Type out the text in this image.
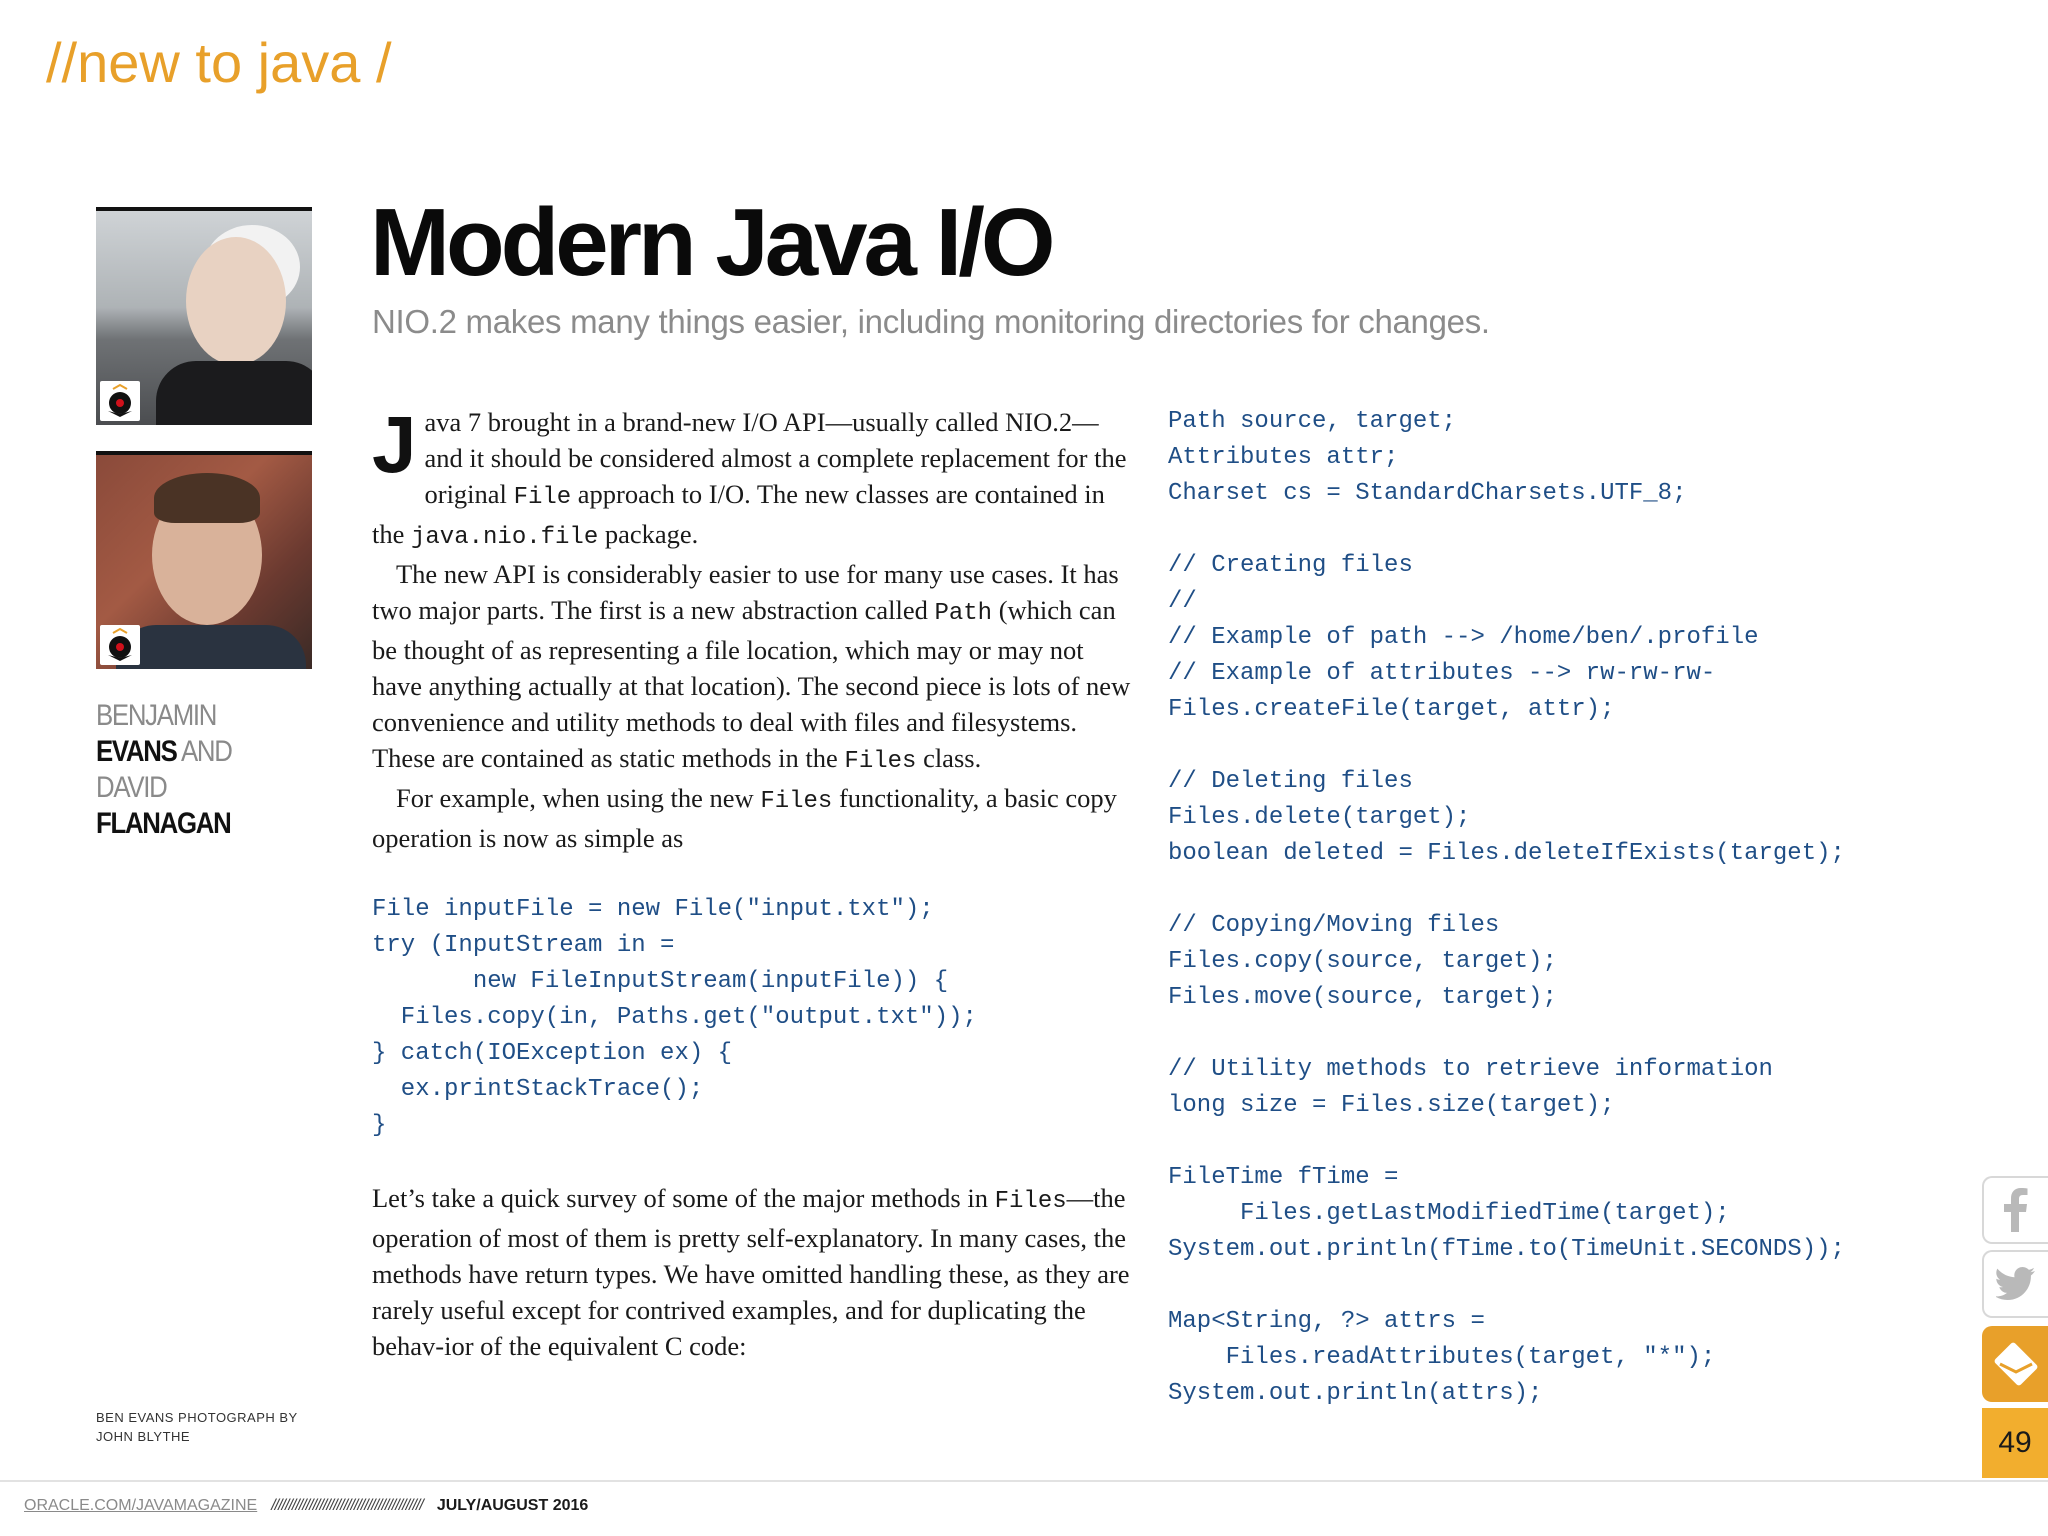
//new to java /
BENJAMIN EVANS AND
DAVID FLANAGAN
BEN EVANS PHOTOGRAPH BY JOHN BLYTHE
Modern Java I/O
NIO.2 makes many things easier, including monitoring directories for changes.

Java 7 brought in a brand-new I/O API—usually called NIO.2—and it should be considered almost a complete replacement for the original File approach to I/O. The new classes are contained in the java.nio.file package.

The new API is considerably easier to use for many use cases. It has two major parts. The first is a new abstraction called Path (which can be thought of as representing a file location, which may or may not have anything actually at that location). The second piece is lots of new convenience and utility methods to deal with files and filesystems. These are contained as static methods in the Files class.

For example, when using the new Files functionality, a basic copy operation is now as simple as

File inputFile = new File("input.txt");
try (InputStream in =
new FileInputStream(inputFile)) {
Files.copy(in, Paths.get("output.txt"));
} catch(IOException ex) {
ex.printStackTrace();
}

Let’s take a quick survey of some of the major methods in Files—the operation of most of them is pretty self-explanatory. In many cases, the methods have return types. We have omitted handling these, as they are rarely useful except for contrived examples, and for duplicating the behav-ior of the equivalent C code:

Path source, target;
Attributes attr;
Charset cs = StandardCharsets.UTF_8;

// Creating files
//
// Example of path --> /home/ben/.profile
// Example of attributes --> rw-rw-rw-
Files.createFile(target, attr);

// Deleting files
Files.delete(target);
boolean deleted = Files.deleteIfExists(target);

// Copying/Moving files
Files.copy(source, target);
Files.move(source, target);

// Utility methods to retrieve information
long size = Files.size(target);

FileTime fTime =
Files.getLastModifiedTime(target);
System.out.println(fTime.to(TimeUnit.SECONDS));

Map<String, ?> attrs =
Files.readAttributes(target, "*");
System.out.println(attrs);
49
ORACLE.COM/JAVAMAGAZINE //////////////////////////////////////////// JULY/AUGUST 2016
